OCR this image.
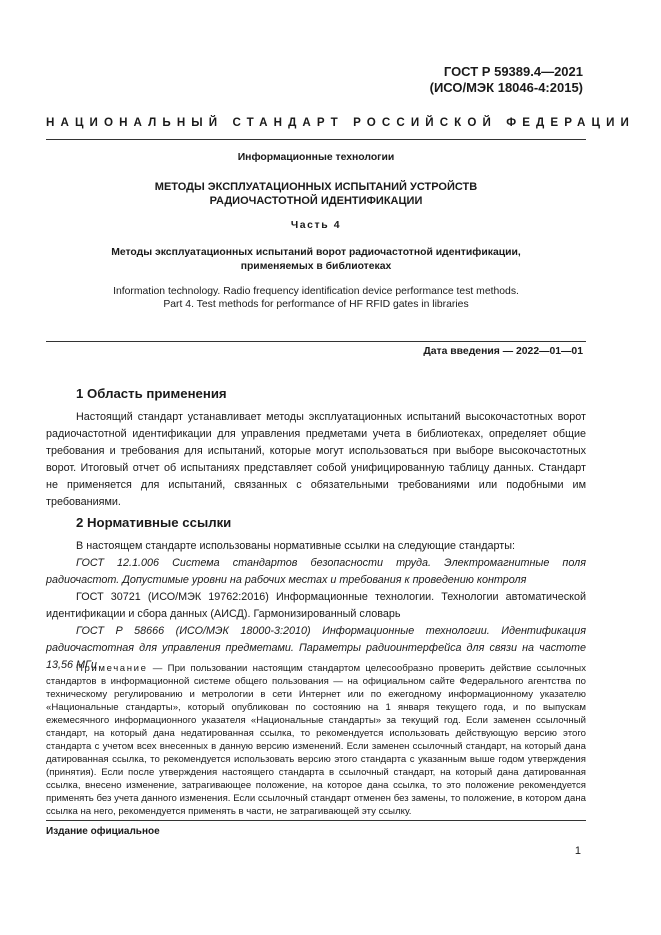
ГОСТ Р 59389.4—2021
(ИСО/МЭК 18046-4:2015)
НАЦИОНАЛЬНЫЙ СТАНДАРТ РОССИЙСКОЙ ФЕДЕРАЦИИ
Информационные технологии
МЕТОДЫ ЭКСПЛУАТАЦИОННЫХ ИСПЫТАНИЙ УСТРОЙСТВ
РАДИОЧАСТОТНОЙ ИДЕНТИФИКАЦИИ
Часть 4
Методы эксплуатационных испытаний ворот радиочастотной идентификации,
применяемых в библиотеках
Information technology. Radio frequency identification device performance test methods.
Part 4. Test methods for performance of HF RFID gates in libraries
Дата введения — 2022—01—01
1 Область применения

Настоящий стандарт устанавливает методы эксплуатационных испытаний высокочастотных ворот радиочастотной идентификации для управления предметами учета в библиотеках, определяет общие требования и требования для испытаний, которые могут использоваться при выборе высокочастотных ворот. Итоговый отчет об испытаниях представляет собой унифицированную таблицу данных. Стандарт не применяется для испытаний, связанных с обязательными требованиями или подобными им требованиями.

2 Нормативные ссылки

В настоящем стандарте использованы нормативные ссылки на следующие стандарты:

ГОСТ 12.1.006 Система стандартов безопасности труда. Электромагнитные поля радиочастот. Допустимые уровни на рабочих местах и требования к проведению контроля

ГОСТ 30721 (ИСО/МЭК 19762:2016) Информационные технологии. Технологии автоматической идентификации и сбора данных (АИСД). Гармонизированный словарь

ГОСТ Р 58666 (ИСО/МЭК 18000-3:2010) Информационные технологии. Идентификация радиочастотная для управления предметами. Параметры радиоинтерфейса для связи на частоте 13,56 МГц

Примечание — При пользовании настоящим стандартом целесообразно проверить действие ссылочных стандартов в информационной системе общего пользования — на официальном сайте Федерального агентства по техническому регулированию и метрологии в сети Интернет или по ежегодному информационному указателю «Национальные стандарты», который опубликован по состоянию на 1 января текущего года, и по выпускам ежемесячного информационного указателя «Национальные стандарты» за текущий год. Если заменен ссылочный стандарт, на который дана недатированная ссылка, то рекомендуется использовать действующую версию этого стандарта с учетом всех внесенных в данную версию изменений. Если заменен ссылочный стандарт, на который дана датированная ссылка, то рекомендуется использовать версию этого стандарта с указанным выше годом утверждения (принятия). Если после утверждения настоящего стандарта в ссылочный стандарт, на который дана датированная ссылка, внесено изменение, затрагивающее положение, на которое дана ссылка, то это положение рекомендуется применять без учета данного изменения. Если ссылочный стандарт отменен без замены, то положение, в котором дана ссылка на него, рекомендуется применять в части, не затрагивающей эту ссылку.

Издание официальное
1
